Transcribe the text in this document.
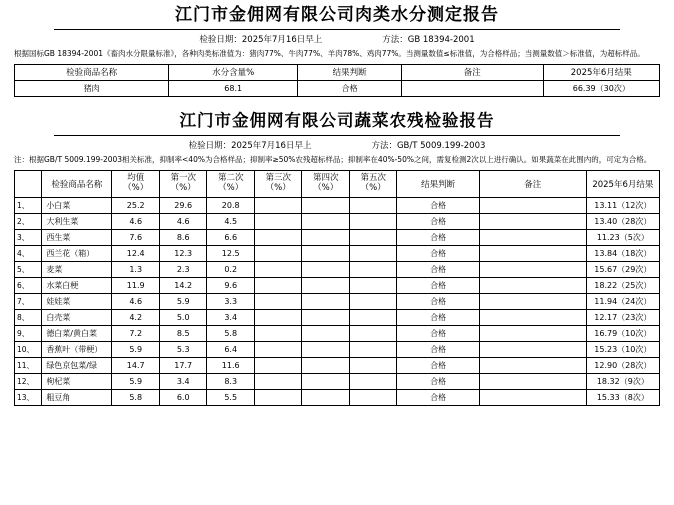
江门市金佣网有限公司肉类水分测定报告
检验日期：2025年7月16日早上	方法：GB 18394-2001
根据国标GB 18394-2001《畜肉水分限量标准》，各种肉类标准值为：猪肉77%、牛肉77%、羊肉78%、鸡肉77%。当测量数值≤标准值，为合格样品；当测量数值＞标准值，为超标样品。
检验商品名称	水分含量%	结果判断	备注	2025年6月结果
猪肉	68.1	合格		66.39（30次）
江门市金佣网有限公司蔬菜农残检验报告
检验日期：2025年7月16日早上	方法：GB/T 5009.199-2003
注：根据GB/T 5009.199-2003相关标准，抑制率<40%为合格样品；抑制率≥50%农残超标样品；抑制率在40%-50%之间，需复检测2次以上进行确认。如果蔬菜在此围内的，可定为合格。
	检验商品名称	均值
（%）	第一次
（%）	第二次
（%）	第三次
（%）	第四次
（%）	第五次
（%）	结果判断	备注	2025年6月结果
1、	小白菜	25.2	29.6	20.8				合格		13.11（12次）
2、	大利生菜	4.6	4.6	4.5				合格		13.40（28次）
3、	西生菜	7.6	8.6	6.6				合格		11.23（5次）
4、	西兰花（箱）	12.4	12.3	12.5				合格		13.84（18次）
5、	麦菜	1.3	2.3	0.2				合格		15.67（29次）
6、	水菜白梗	11.9	14.2	9.6				合格		18.22（25次）
7、	娃娃菜	4.6	5.9	3.3				合格		11.94（24次）
8、	白壳菜	4.2	5.0	3.4				合格		12.17（23次）
9、	德白菜/黄白菜	7.2	8.5	5.8				合格		16.79（10次）
10、	香蕉叶（带梗）	5.9	5.3	6.4				合格		15.23（10次）
11、	绿色京包菜/绿	14.7	17.7	11.6				合格		12.90（28次）
12、	枸杞菜	5.9	3.4	8.3				合格		18.32（9次）
13、	粗豆角	5.8	6.0	5.5				合格		15.33（8次）
